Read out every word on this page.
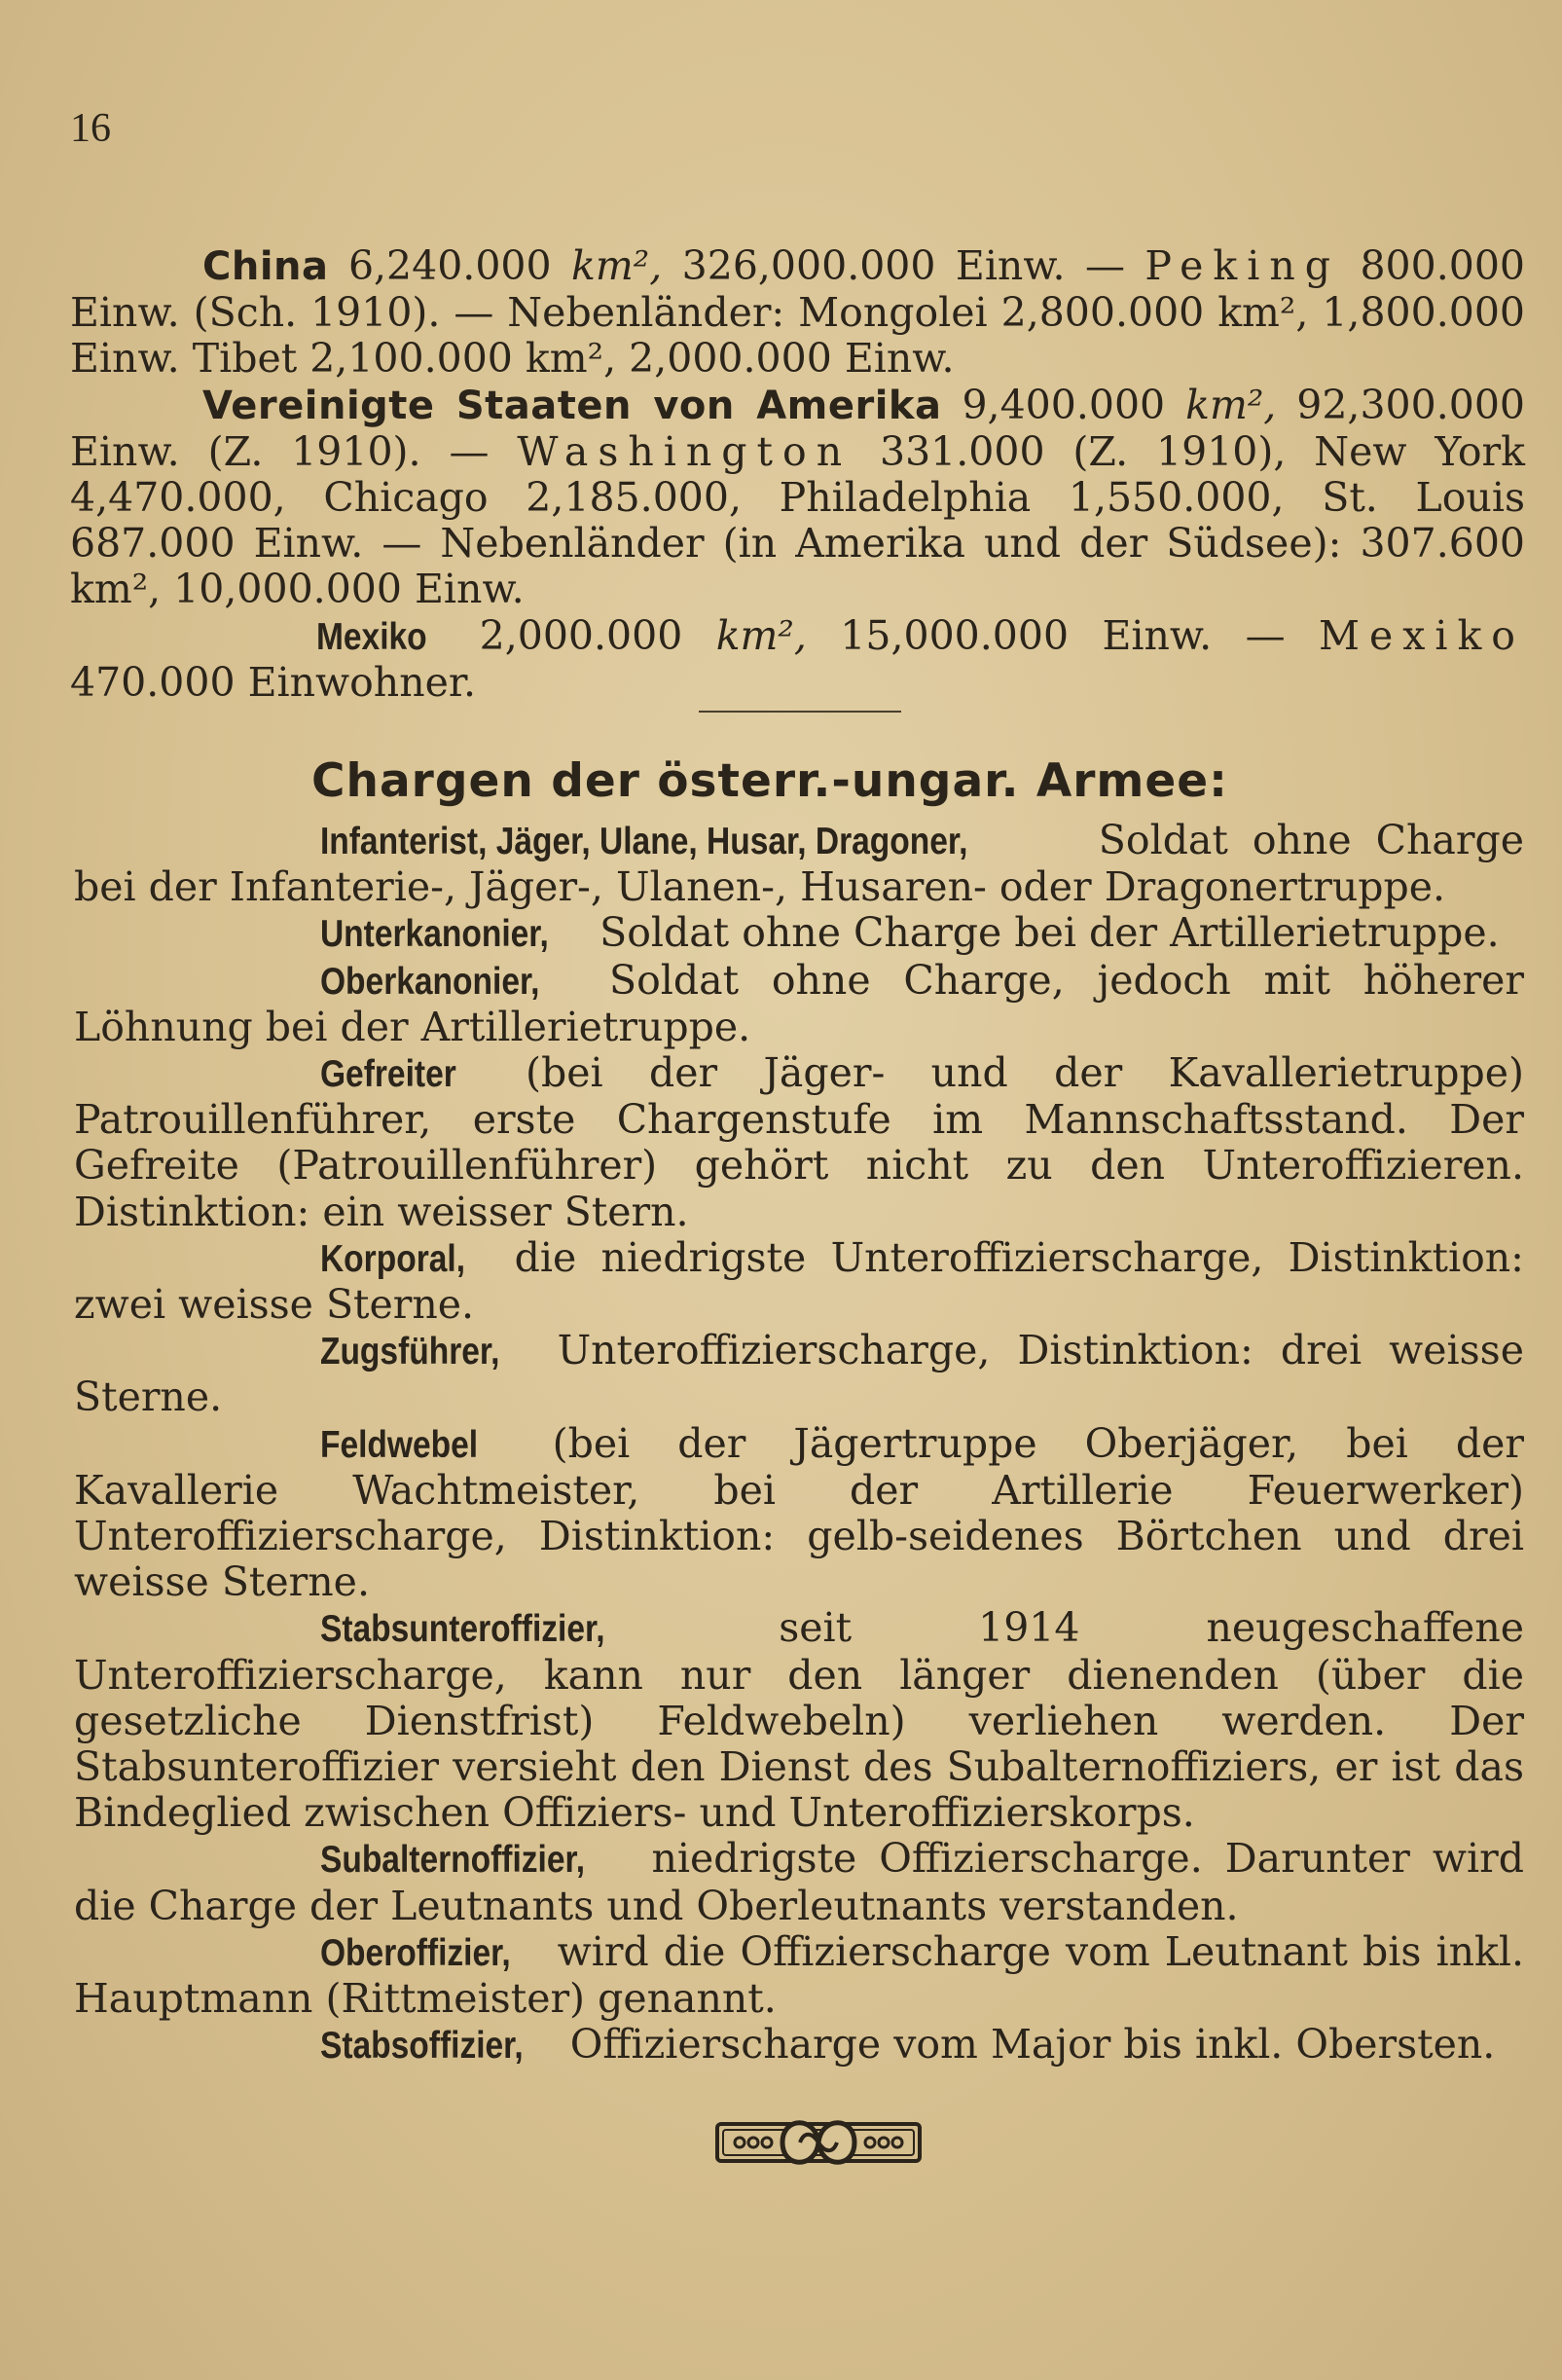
16

China 6,240.000 km², 326,000.000 Einw. — Peking 800.000 Einw. (Sch. 1910). — Nebenländer: Mongolei 2,800.000 km², 1,800.000 Einw. Tibet 2,100.000 km², 2,000.000 Einw.

Vereinigte Staaten von Amerika 9,400.000 km², 92,300.000 Einw. (Z. 1910). — Washington 331.000 (Z. 1910), New York 4,470.000, Chicago 2,185.000, Philadelphia 1,550.000, St. Louis 687.000 Einw. — Nebenländer (in Amerika und der Südsee): 307.600 km², 10,000.000 Einw.

Mexiko 2,000.000 km², 15,000.000 Einw. — Mexiko 470.000 Einwohner.

Chargen der österr.-ungar. Armee:

Infanterist, Jäger, Ulane, Husar, Dragoner,	Soldat ohne Charge bei der Infanterie-, Jäger-, Ulanen-, Husaren- oder Dragonertruppe.

Unterkanonier, Soldat ohne Charge bei der Artillerietruppe.

Oberkanonier, Soldat ohne Charge, jedoch mit höherer Löhnung bei der Artillerietruppe.

Gefreiter (bei der Jäger- und der Kavallerietruppe) Patrouillenführer, erste Chargenstufe im Mannschaftsstand. Der Gefreite (Patrouillenführer) gehört nicht zu den Unteroffizieren. Distinktion: ein weisser Stern.

Korporal, die niedrigste Unteroffizierscharge, Distinktion: zwei weisse Sterne.

Zugsführer, Unteroffizierscharge, Distinktion: drei weisse Sterne.

Feldwebel (bei der Jägertruppe Oberjäger, bei der Kavallerie Wachtmeister, bei der Artillerie Feuerwerker) Unteroffizierscharge, Distinktion: gelb-seidenes Börtchen und drei weisse Sterne.

Stabsunteroffizier, seit 1914 neugeschaffene Unteroffizierscharge, kann nur den länger dienenden (über die gesetzliche Dienstfrist) Feldwebeln) verliehen werden. Der Stabsunteroffizier versieht den Dienst des Subalternoffiziers, er ist das Bindeglied zwischen Offiziers- und Unteroffizierskorps.

Subalternoffizier, niedrigste Offizierscharge. Darunter wird die Charge der Leutnants und Oberleutnants verstanden.

Oberoffizier, wird die Offizierscharge vom Leutnant bis inkl. Hauptmann (Rittmeister) genannt.

Stabsoffizier, Offizierscharge vom Major bis inkl. Obersten.
